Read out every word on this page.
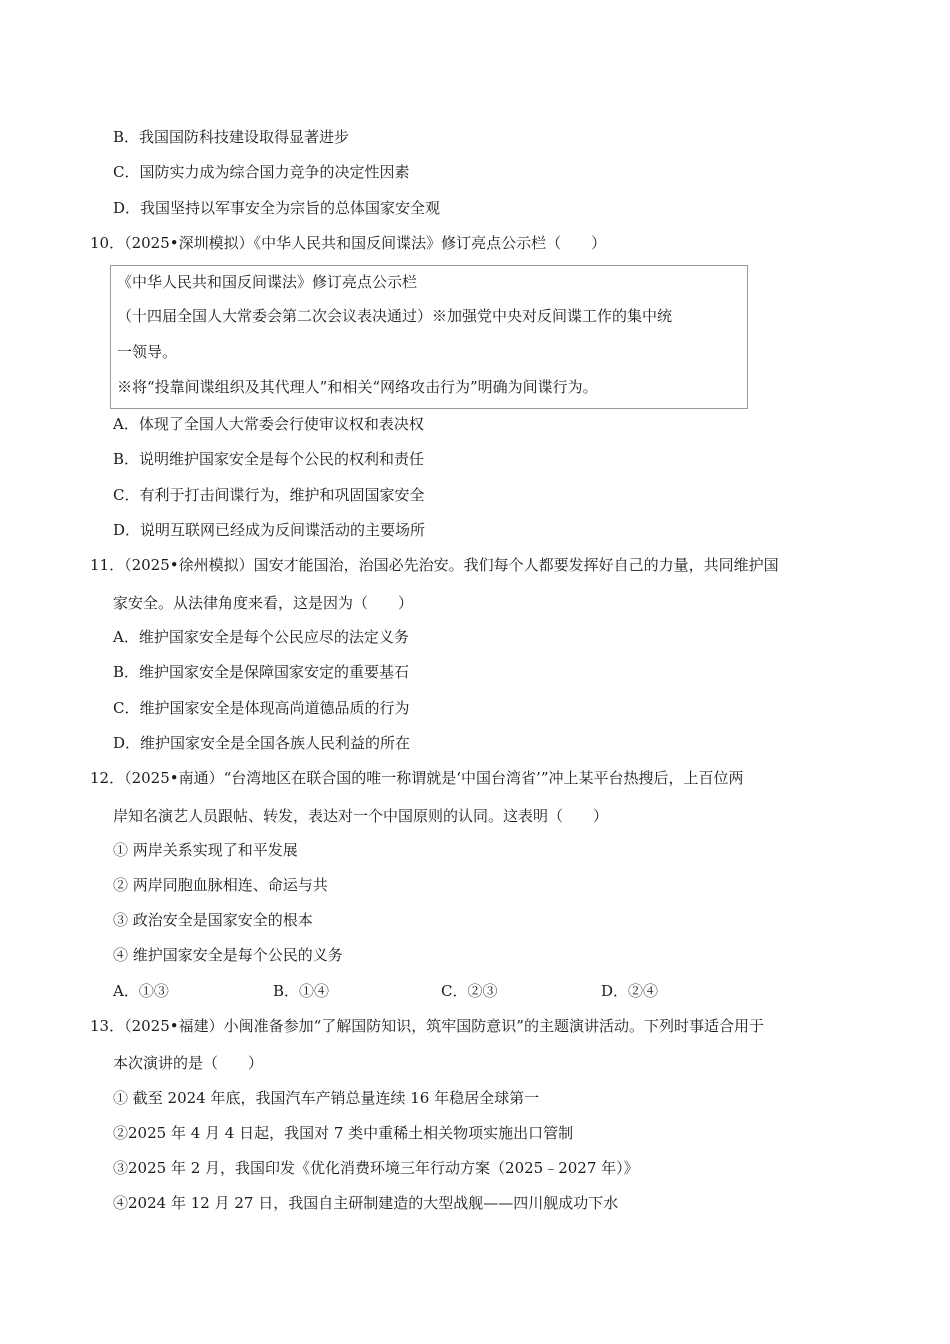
B．我国国防科技建设取得显著进步
C．国防实力成为综合国力竞争的决定性因素
D．我国坚持以军事安全为宗旨的总体国家安全观
10．（2025•深圳模拟）《中华人民共和国反间谍法》修订亮点公示栏（　　）
《中华人民共和国反间谍法》修订亮点公示栏
（十四届全国人大常委会第二次会议表决通过）※加强党中央对反间谍工作的集中统
一领导。
※将“投靠间谍组织及其代理人”和相关“网络攻击行为”明确为间谍行为。
A．体现了全国人大常委会行使审议权和表决权
B．说明维护国家安全是每个公民的权利和责任
C．有利于打击间谍行为，维护和巩固国家安全
D．说明互联网已经成为反间谍活动的主要场所
11．（2025•徐州模拟）国安才能国治，治国必先治安。我们每个人都要发挥好自己的力量，共同维护国
家安全。从法律角度来看，这是因为（　　）
A．维护国家安全是每个公民应尽的法定义务
B．维护国家安全是保障国家安定的重要基石
C．维护国家安全是体现高尚道德品质的行为
D．维护国家安全是全国各族人民利益的所在
12．（2025•南通）“台湾地区在联合国的唯一称谓就是‘中国台湾省’”冲上某平台热搜后，上百位两
岸知名演艺人员跟帖、转发，表达对一个中国原则的认同。这表明（　　）
① 两岸关系实现了和平发展
② 两岸同胞血脉相连、命运与共
③ 政治安全是国家安全的根本
④ 维护国家安全是每个公民的义务
A．①③	B．①④	C．②③	D．②④
13．（2025•福建）小闽准备参加“了解国防知识，筑牢国防意识”的主题演讲活动。下列时事适合用于
本次演讲的是（　　）
① 截至 2024 年底，我国汽车产销总量连续 16 年稳居全球第一
②2025 年 4 月 4 日起，我国对 7 类中重稀土相关物项实施出口管制
③2025 年 2 月，我国印发《优化消费环境三年行动方案（2025﹣2027 年）》
④2024 年 12 月 27 日，我国自主研制建造的大型战舰——四川舰成功下水
